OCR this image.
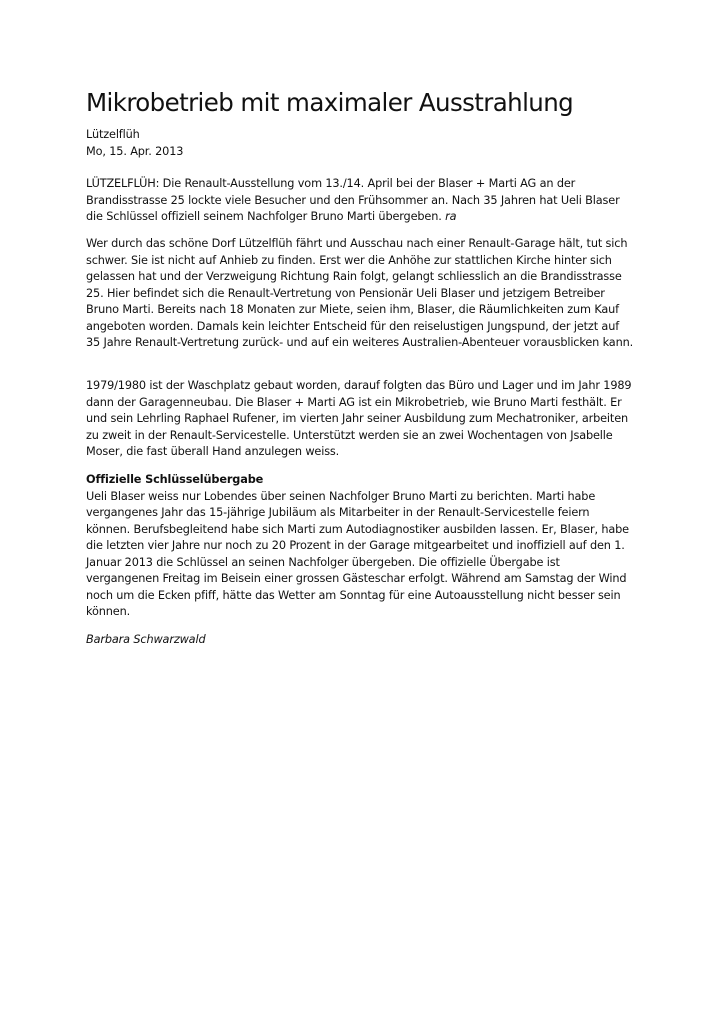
Mikrobetrieb mit maximaler Ausstrahlung
Lützelflüh
Mo, 15. Apr. 2013
LÜTZELFLÜH: Die Renault-Ausstellung vom 13./14. April bei der Blaser + Marti AG an der Brandisstrasse 25 lockte viele Besucher und den Frühsommer an. Nach 35 Jahren hat Ueli Blaser die Schlüssel offiziell seinem Nachfolger Bruno Marti übergeben. ra
Wer durch das schöne Dorf Lützelflüh fährt und Ausschau nach einer Renault-Garage hält, tut sich schwer. Sie ist nicht auf Anhieb zu finden. Erst wer die Anhöhe zur stattlichen Kirche hinter sich gelassen hat und der Verzweigung Richtung Rain folgt, gelangt schliesslich an die Brandisstrasse 25. Hier befindet sich die Renault-Vertretung von Pensionär Ueli Blaser und jetzigem Betreiber Bruno Marti. Bereits nach 18 Monaten zur Miete, seien ihm, Blaser, die Räumlichkeiten zum Kauf angeboten worden. Damals kein leichter Entscheid für den reiselustigen Jungspund, der jetzt auf 35 Jahre Renault-Vertretung zurück- und auf ein weiteres Australien-Abenteuer vorausblicken kann.
1979/1980 ist der Waschplatz gebaut worden, darauf folgten das Büro und Lager und im Jahr 1989 dann der Garagenneubau. Die Blaser + Marti AG ist ein Mikrobetrieb, wie Bruno Marti festhält. Er und sein Lehrling Raphael Rufener, im vierten Jahr seiner Ausbildung zum Mechatroniker, arbeiten zu zweit in der Renault-Servicestelle. Unterstützt werden sie an zwei Wochentagen von Jsabelle Moser, die fast überall Hand anzulegen weiss.
Offizielle Schlüsselübergabe
Ueli Blaser weiss nur Lobendes über seinen Nachfolger Bruno Marti zu berichten. Marti habe vergangenes Jahr das 15-jährige Jubiläum als Mitarbeiter in der Renault-Servicestelle feiern können. Berufsbegleitend habe sich Marti zum Autodiagnostiker ausbilden lassen. Er, Blaser, habe die letzten vier Jahre nur noch zu 20 Prozent in der Garage mitgearbeitet und inoffiziell auf den 1. Januar 2013 die Schlüssel an seinen Nachfolger übergeben. Die offizielle Übergabe ist vergangenen Freitag im Beisein einer grossen Gästeschar erfolgt. Während am Samstag der Wind noch um die Ecken pfiff, hätte das Wetter am Sonntag für eine Autoausstellung nicht besser sein können.
Barbara Schwarzwald
